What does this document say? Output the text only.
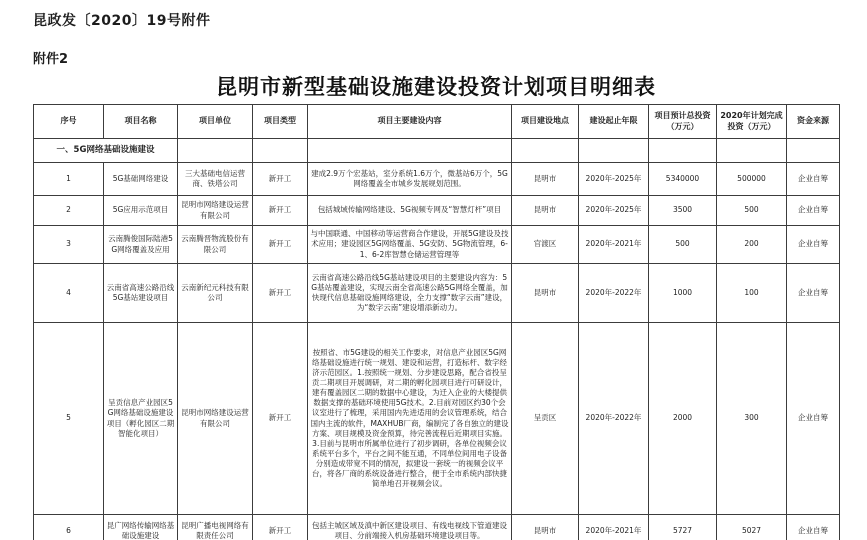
昆政发〔2020〕19号附件
附件2
昆明市新型基础设施建设投资计划项目明细表
序号	项目名称	项目单位	项目类型	项目主要建设内容	项目建设地点	建设起止年限	项目预计总投资（万元）	2020年计划完成投资（万元）	资金来源
一、5G网络基础设施建设									
1	5G基础网络建设	三大基础电信运营商、铁塔公司	新开工	建成2.9万个宏基站，室分系统1.6万个，微基站6万个，5G网络覆盖全市城乡发展规划范围。	昆明市	2020年-2025年	5340000	500000	企业自筹
2	5G应用示范项目	昆明市网络建设运营有限公司	新开工	包括城域传输网络建设、5G视频专网及“智慧灯杆”项目	昆明市	2020年-2025年	3500	500	企业自筹
3	云南腾俊国际陆港5G网络覆盖及应用	云南腾晋物流股份有限公司	新开工	与中国联通、中国移动等运营商合作建设，开展5G建设及技术应用；建设园区5G网络覆盖、5G安防、5G物流管理，6-1、6-2库智慧仓储运营管理等	官渡区	2020年-2021年	500	200	企业自筹
4	云南省高速公路沿线5G基站建设项目	云南新纪元科技有限公司	新开工	云南省高速公路沿线5G基站建设项目的主要建设内容为：5G基站覆盖建设，实现云南全省高速公路5G网络全覆盖，加快现代信息基础设施网络建设，全力支撑“数字云南”建设，为“数字云南”建设增添新动力。	昆明市	2020年-2022年	1000	100	企业自筹
5	呈贡信息产业园区5G网络基础设施建设项目（孵化园区二期智能化项目）	昆明市网络建设运营有限公司	新开工	按照省、市5G建设的相关工作要求，对信息产业园区5G网络基础设施进行统一规划、建设和运营，打造标杆、数字经济示范园区。1.按照统一规划、分步建设思路，配合省投呈贡二期项目开展调研，对二期的孵化园项目进行可研设计，建有覆盖园区二期的数据中心建设，为迁入企业的大楼提供数据支撑的基础环境使用5G技术。2.目前对园区约30个会议室进行了梳理，采用国内先进适用的会议管理系统，结合国内主流的软件，MAXHUB厂商，编制完了各自独立的建设方案、项目规模及资金预算，待完善流程后近期项目实施。3.目前与昆明市所属单位进行了初步调研，各单位视频会议系统平台多个，平台之间不能互通，不同单位间用电子设备分别造成带宽不同的情况，拟建设一套统一的视频会议平台，将各厂商的系统设备进行整合，便于全市系统内部快捷简单地召开视频会议。	呈贡区	2020年-2022年	2000	300	企业自筹
6	昆广网络传输网络基础设施建设	昆明广播电视网络有限责任公司	新开工	包括主城区域及滇中新区建设项目、有线电视线下管道建设项目、分前端接入机房基础环境建设项目等。	昆明市	2020年-2021年	5727	5027	企业自筹
